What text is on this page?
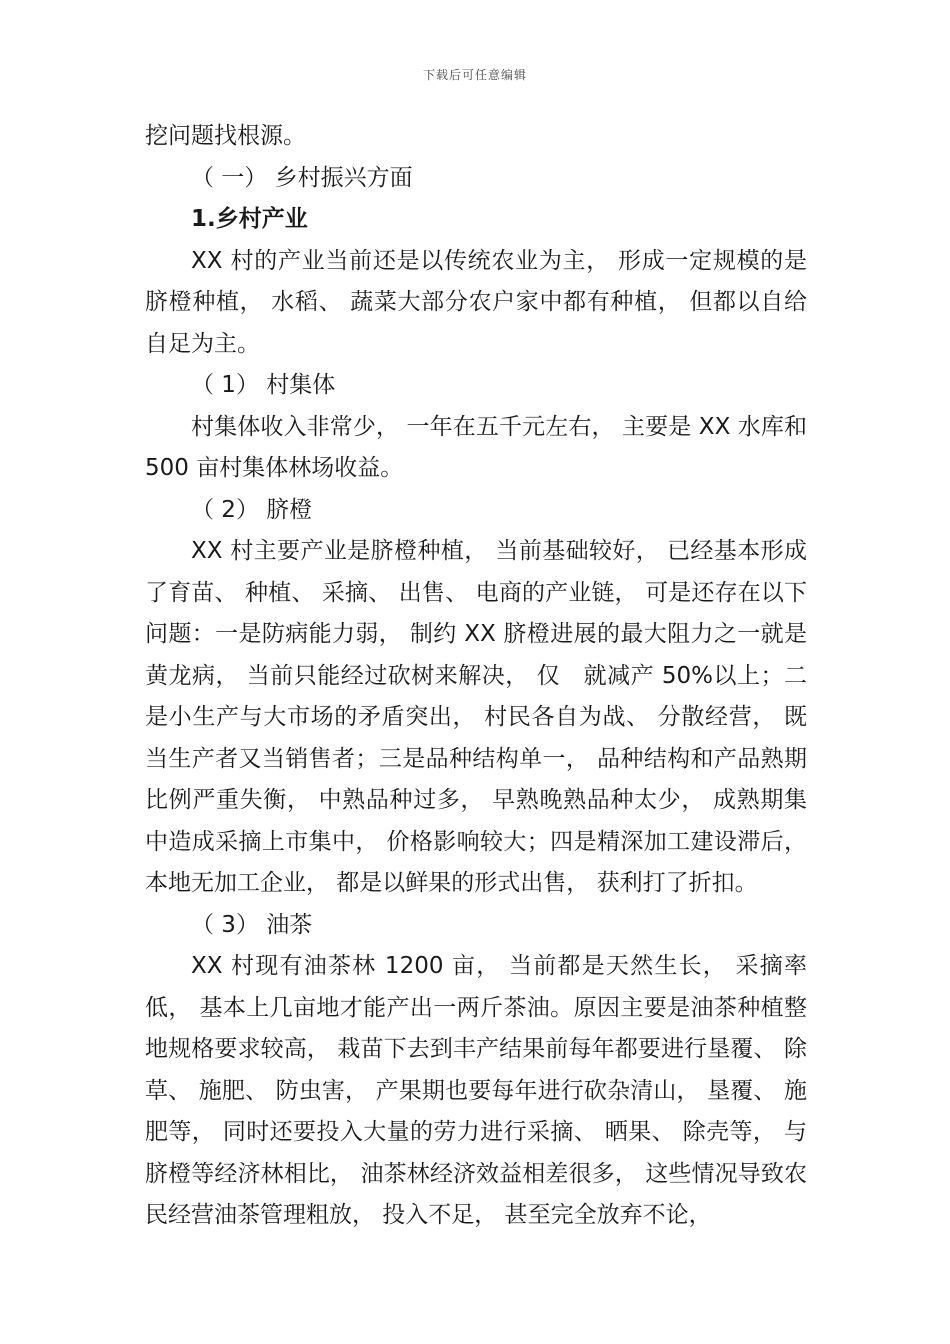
下载后可任意编辑

挖问题找根源。

（ 一） 乡村振兴方面

1.乡村产业

XX 村的产业当前还是以传统农业为主， 形成一定规模的是脐橙种植， 水稻、 蔬菜大部分农户家中都有种植， 但都以自给自足为主。

（ 1） 村集体

村集体收入非常少， 一年在五千元左右， 主要是 XX 水库和 500 亩村集体林场收益。

（ 2） 脐橙

XX 村主要产业是脐橙种植， 当前基础较好， 已经基本形成了育苗、 种植、 采摘、 出售、 电商的产业链， 可是还存在以下问题：一是防病能力弱， 制约 XX 脐橙进展的最大阻力之一就是黄龙病， 当前只能经过砍树来解决， 仅　就减产 50%以上；二是小生产与大市场的矛盾突出， 村民各自为战、 分散经营， 既当生产者又当销售者；三是品种结构单一， 品种结构和产品熟期比例严重失衡， 中熟品种过多， 早熟晚熟品种太少， 成熟期集中造成采摘上市集中， 价格影响较大；四是精深加工建设滞后， 本地无加工企业， 都是以鲜果的形式出售， 获利打了折扣。

（ 3） 油茶

XX 村现有油茶林 1200 亩， 当前都是天然生长， 采摘率低， 基本上几亩地才能产出一两斤茶油。原因主要是油茶种植整地规格要求较高， 栽苗下去到丰产结果前每年都要进行垦覆、 除草、 施肥、 防虫害， 产果期也要每年进行砍杂清山， 垦覆、 施肥等， 同时还要投入大量的劳力进行采摘、 晒果、 除壳等， 与脐橙等经济林相比， 油茶林经济效益相差很多， 这些情况导致农民经营油茶管理粗放， 投入不足， 甚至完全放弃不论，
